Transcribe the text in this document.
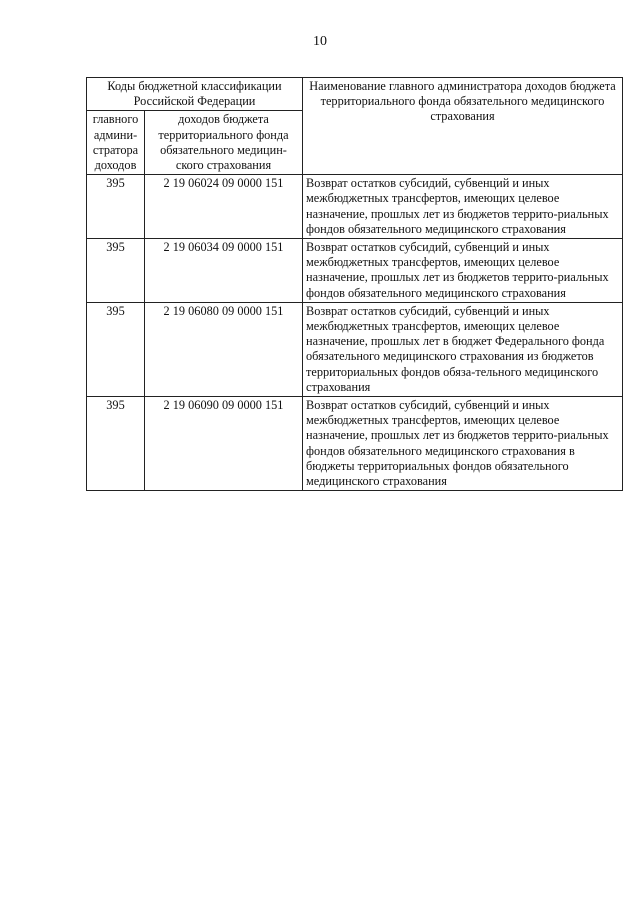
10
Коды бюджетной классификации Российской Федерации		Наименование главного администратора доходов бюджета территориального фонда обязательного медицинского страхования
главного админи-стратора доходов	доходов бюджета территориального фонда обязательного медицин-ского страхования	
395	2 19 06024 09 0000 151	Возврат остатков субсидий, субвенций и иных межбюджетных трансфертов, имеющих целевое назначение, прошлых лет из бюджетов террито-риальных фондов обязательного медицинского страхования
395	2 19 06034 09 0000 151	Возврат остатков субсидий, субвенций и иных межбюджетных трансфертов, имеющих целевое назначение, прошлых лет из бюджетов террито-риальных фондов обязательного медицинского страхования
395	2 19 06080 09 0000 151	Возврат остатков субсидий, субвенций и иных межбюджетных трансфертов, имеющих целевое назначение, прошлых лет в бюджет Федерального фонда обязательного медицинского страхования из бюджетов территориальных фондов обяза-тельного медицинского страхования
395	2 19 06090 09 0000 151	Возврат остатков субсидий, субвенций и иных межбюджетных трансфертов, имеющих целевое назначение, прошлых лет из бюджетов террито-риальных фондов обязательного медицинского страхования в бюджеты территориальных фондов обязательного медицинского страхования
